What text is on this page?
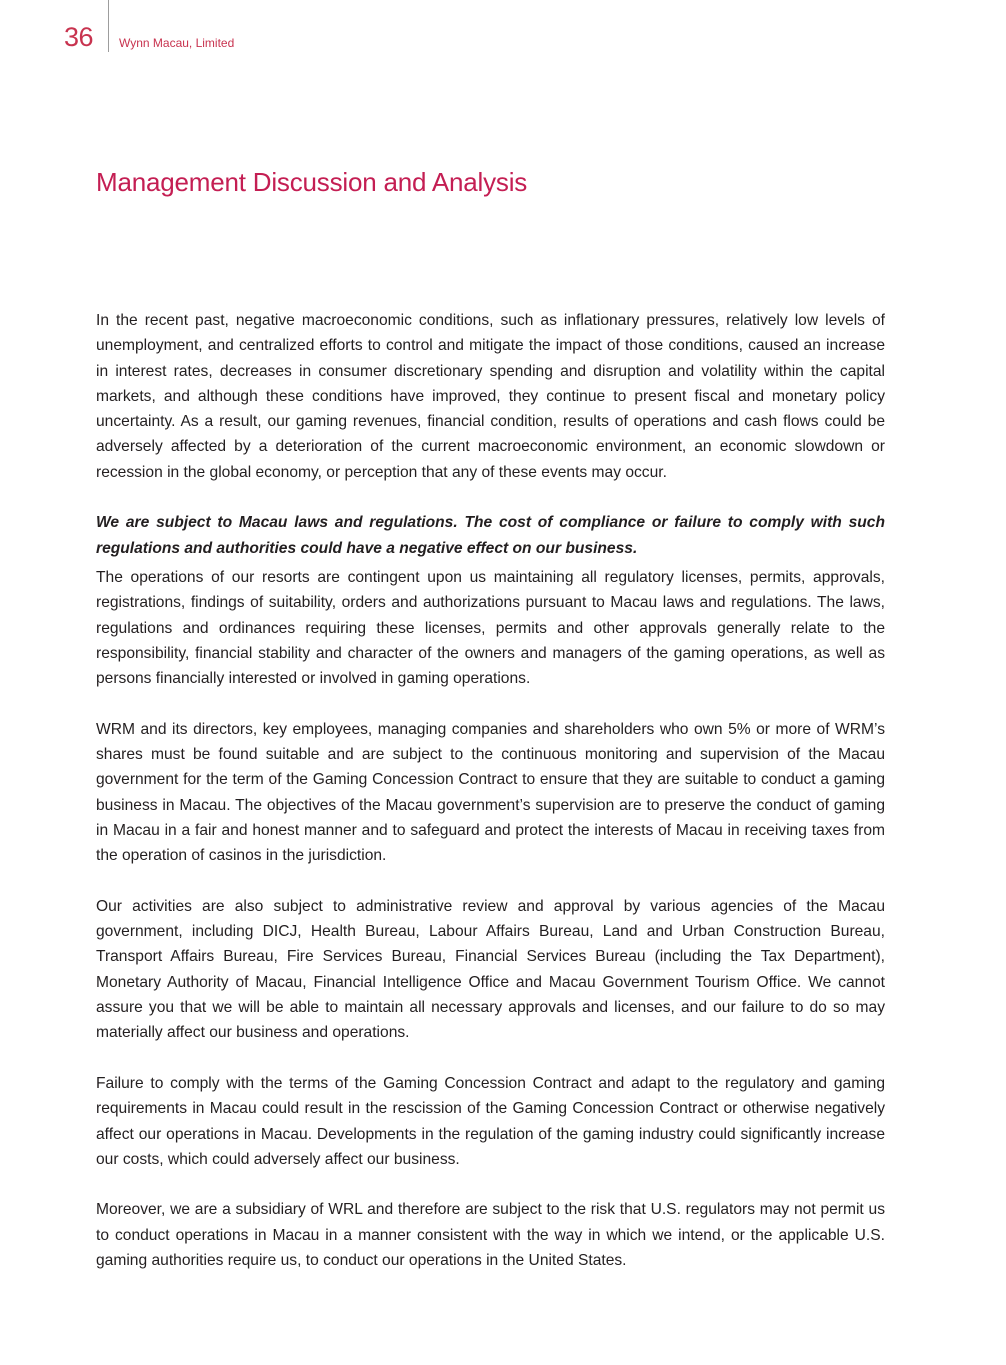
36 Wynn Macau, Limited
Management Discussion and Analysis

In the recent past, negative macroeconomic conditions, such as inflationary pressures, relatively low levels of unemployment, and centralized efforts to control and mitigate the impact of those conditions, caused an increase in interest rates, decreases in consumer discretionary spending and disruption and volatility within the capital markets, and although these conditions have improved, they continue to present fiscal and monetary policy uncertainty. As a result, our gaming revenues, financial condition, results of operations and cash flows could be adversely affected by a deterioration of the current macroeconomic environment, an economic slowdown or recession in the global economy, or perception that any of these events may occur.

We are subject to Macau laws and regulations. The cost of compliance or failure to comply with such regulations and authorities could have a negative effect on our business.

The operations of our resorts are contingent upon us maintaining all regulatory licenses, permits, approvals, registrations, findings of suitability, orders and authorizations pursuant to Macau laws and regulations. The laws, regulations and ordinances requiring these licenses, permits and other approvals generally relate to the responsibility, financial stability and character of the owners and managers of the gaming operations, as well as persons financially interested or involved in gaming operations.

WRM and its directors, key employees, managing companies and shareholders who own 5% or more of WRM’s shares must be found suitable and are subject to the continuous monitoring and supervision of the Macau government for the term of the Gaming Concession Contract to ensure that they are suitable to conduct a gaming business in Macau. The objectives of the Macau government’s supervision are to preserve the conduct of gaming in Macau in a fair and honest manner and to safeguard and protect the interests of Macau in receiving taxes from the operation of casinos in the jurisdiction.

Our activities are also subject to administrative review and approval by various agencies of the Macau government, including DICJ, Health Bureau, Labour Affairs Bureau, Land and Urban Construction Bureau, Transport Affairs Bureau, Fire Services Bureau, Financial Services Bureau (including the Tax Department), Monetary Authority of Macau, Financial Intelligence Office and Macau Government Tourism Office. We cannot assure you that we will be able to maintain all necessary approvals and licenses, and our failure to do so may materially affect our business and operations.

Failure to comply with the terms of the Gaming Concession Contract and adapt to the regulatory and gaming requirements in Macau could result in the rescission of the Gaming Concession Contract or otherwise negatively affect our operations in Macau. Developments in the regulation of the gaming industry could significantly increase our costs, which could adversely affect our business.

Moreover, we are a subsidiary of WRL and therefore are subject to the risk that U.S. regulators may not permit us to conduct operations in Macau in a manner consistent with the way in which we intend, or the applicable U.S. gaming authorities require us, to conduct our operations in the United States.
